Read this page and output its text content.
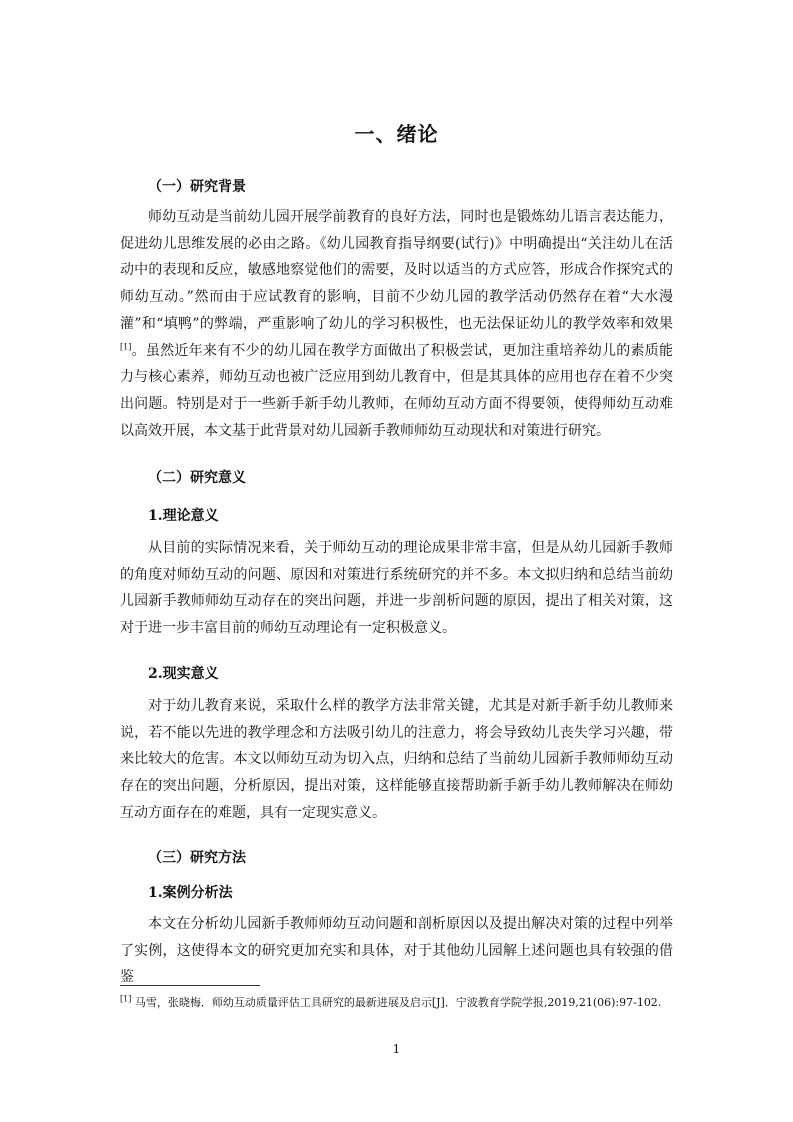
一、绪论
（一）研究背景

师幼互动是当前幼儿园开展学前教育的良好方法，同时也是锻炼幼儿语言表达能力，促进幼儿思维发展的必由之路。《幼儿园教育指导纲要(试行)》中明确提出“关注幼儿在活动中的表现和反应，敏感地察觉他们的需要，及时以适当的方式应答，形成合作探究式的师幼互动。”然而由于应试教育的影响，目前不少幼儿园的教学活动仍然存在着“大水漫灌”和“填鸭”的弊端，严重影响了幼儿的学习积极性，也无法保证幼儿的教学效率和效果[1]。虽然近年来有不少的幼儿园在教学方面做出了积极尝试，更加注重培养幼儿的素质能力与核心素养，师幼互动也被广泛应用到幼儿教育中，但是其具体的应用也存在着不少突出问题。特别是对于一些新手新手幼儿教师，在师幼互动方面不得要领，使得师幼互动难以高效开展，本文基于此背景对幼儿园新手教师师幼互动现状和对策进行研究。

（二）研究意义
1.理论意义

从目前的实际情况来看，关于师幼互动的理论成果非常丰富，但是从幼儿园新手教师的角度对师幼互动的问题、原因和对策进行系统研究的并不多。本文拟归纳和总结当前幼儿园新手教师师幼互动存在的突出问题，并进一步剖析问题的原因，提出了相关对策，这对于进一步丰富目前的师幼互动理论有一定积极意义。

2.现实意义

对于幼儿教育来说，采取什么样的教学方法非常关键，尤其是对新手新手幼儿教师来说，若不能以先进的教学理念和方法吸引幼儿的注意力，将会导致幼儿丧失学习兴趣，带来比较大的危害。本文以师幼互动为切入点，归纳和总结了当前幼儿园新手教师师幼互动存在的突出问题，分析原因，提出对策，这样能够直接帮助新手新手幼儿教师解决在师幼互动方面存在的难题，具有一定现实意义。

（三）研究方法
1.案例分析法

本文在分析幼儿园新手教师师幼互动问题和剖析原因以及提出解决对策的过程中列举了实例，这使得本文的研究更加充实和具体，对于其他幼儿园解上述问题也具有较强的借鉴

[1] 马雪，张晓梅．师幼互动质量评估工具研究的最新进展及启示[J]．宁波教育学院学报,2019,21(06):97-102.

1
